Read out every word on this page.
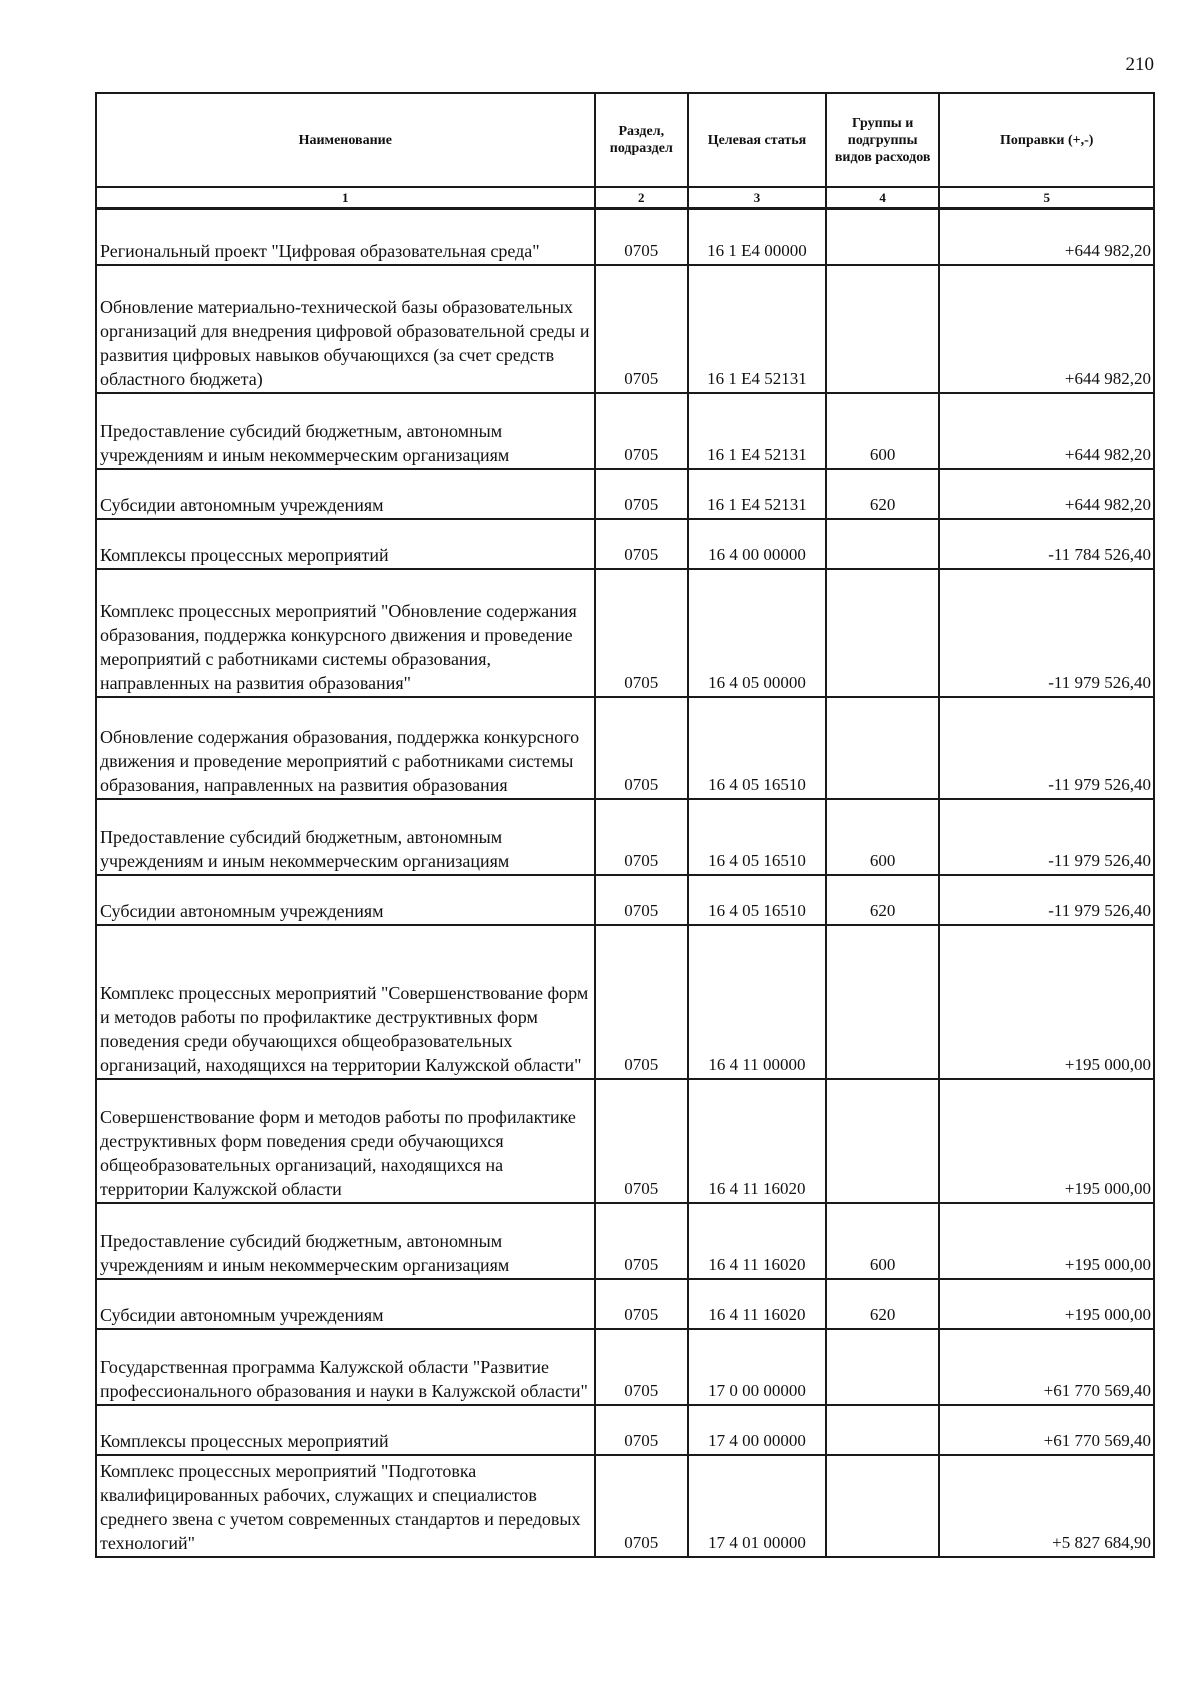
210
Наименование	Раздел, подраздел	Целевая статья	Группы и подгруппы видов расходов	Поправки (+,-)
1	2	3	4	5
Региональный проект "Цифровая образовательная среда"	0705	16 1 E4 00000		+644 982,20
Обновление материально-технической базы образовательных организаций для внедрения цифровой образовательной среды и развития цифровых навыков обучающихся (за счет средств областного бюджета)	0705	16 1 E4 52131		+644 982,20
Предоставление субсидий бюджетным, автономным учреждениям и иным некоммерческим организациям	0705	16 1 E4 52131	600	+644 982,20
Субсидии автономным учреждениям	0705	16 1 E4 52131	620	+644 982,20
Комплексы процессных мероприятий	0705	16 4 00 00000		-11 784 526,40
Комплекс процессных мероприятий "Обновление содержания образования, поддержка конкурсного движения и проведение мероприятий с работниками системы образования, направленных на развития образования"	0705	16 4 05 00000		-11 979 526,40
Обновление содержания образования, поддержка конкурсного движения и проведение мероприятий с работниками системы образования, направленных на развития образования	0705	16 4 05 16510		-11 979 526,40
Предоставление субсидий бюджетным, автономным учреждениям и иным некоммерческим организациям	0705	16 4 05 16510	600	-11 979 526,40
Субсидии автономным учреждениям	0705	16 4 05 16510	620	-11 979 526,40
Комплекс процессных мероприятий "Совершенствование форм и методов работы по профилактике деструктивных форм поведения среди обучающихся общеобразовательных организаций, находящихся на территории Калужской области"	0705	16 4 11 00000		+195 000,00
Совершенствование форм и методов работы по профилактике деструктивных форм поведения среди обучающихся общеобразовательных организаций, находящихся на территории Калужской области	0705	16 4 11 16020		+195 000,00
Предоставление субсидий бюджетным, автономным учреждениям и иным некоммерческим организациям	0705	16 4 11 16020	600	+195 000,00
Субсидии автономным учреждениям	0705	16 4 11 16020	620	+195 000,00
Государственная программа Калужской области "Развитие профессионального образования и науки в Калужской области"	0705	17 0 00 00000		+61 770 569,40
Комплексы процессных мероприятий	0705	17 4 00 00000		+61 770 569,40
Комплекс процессных мероприятий "Подготовка квалифицированных рабочих, служащих и специалистов среднего звена с учетом современных стандартов и передовых технологий"	0705	17 4 01 00000		+5 827 684,90
